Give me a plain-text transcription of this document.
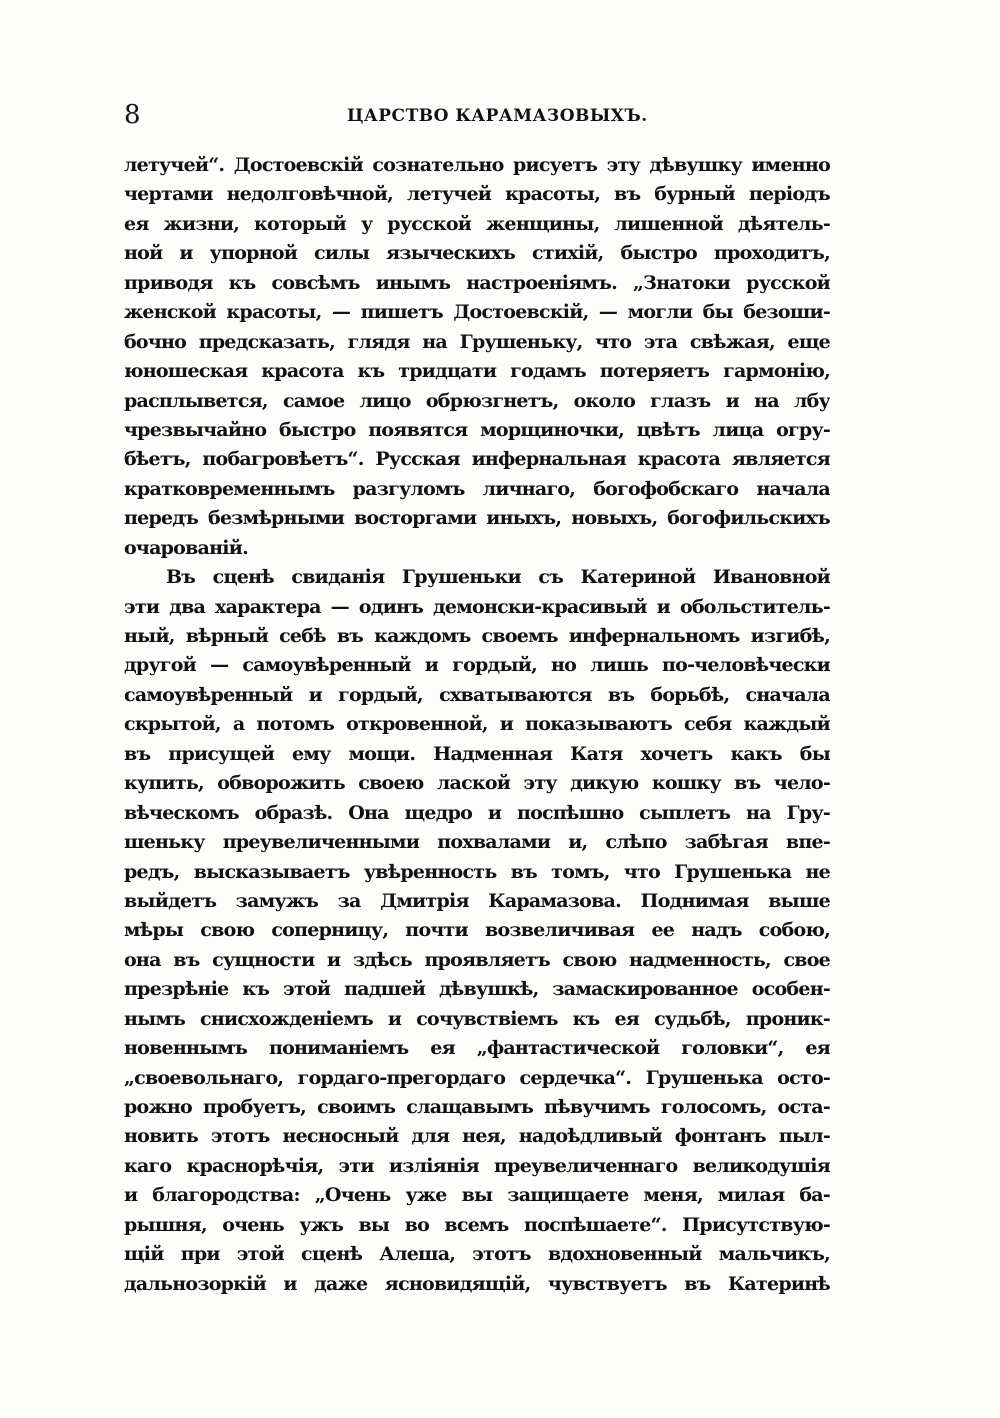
8	ЦАРСТВО КАРАМАЗОВЫХЪ.
летучей“. Достоевскій сознательно рисуетъ эту дѣвушку именно
чертами недолговѣчной, летучей красоты, въ бурный періодъ
ея жизни, который у русской женщины, лишенной дѣятель-
ной и упорной силы языческихъ стихій, быстро проходитъ,
приводя къ совсѣмъ инымъ настроеніямъ. „Знатоки русской
женской красоты, — пишетъ Достоевскій, — могли бы безоши-
бочно предсказать, глядя на Грушеньку, что эта свѣжая, еще
юношеская красота къ тридцати годамъ потеряетъ гармонію,
расплывется, самое лицо обрюзгнетъ, около глазъ и на лбу
чрезвычайно быстро появятся морщиночки, цвѣтъ лица огру-
бѣетъ, побагровѣетъ“. Русская инфернальная красота является
кратковременнымъ разгуломъ личнаго, богофобскаго начала
передъ безмѣрными восторгами иныхъ, новыхъ, богофильскихъ
очарованій.
Въ сценѣ свиданія Грушеньки съ Катериной Ивановной
эти два характера — одинъ демонски-красивый и обольститель-
ный, вѣрный себѣ въ каждомъ своемъ инфернальномъ изгибѣ,
другой — самоувѣренный и гордый, но лишь по-человѣчески
самоувѣренный и гордый, схватываются въ борьбѣ, сначала
скрытой, а потомъ откровенной, и показываютъ себя каждый
въ присущей ему мощи. Надменная Катя хочетъ какъ бы
купить, обворожить своею лаской эту дикую кошку въ чело-
вѣческомъ образѣ. Она щедро и поспѣшно сыплетъ на Гру-
шеньку преувеличенными похвалами и, слѣпо забѣгая впе-
редъ, высказываетъ увѣренность въ томъ, что Грушенька не
выйдетъ замужъ за Дмитрія Карамазова. Поднимая выше
мѣры свою соперницу, почти возвеличивая ее надъ собою,
она въ сущности и здѣсь проявляетъ свою надменность, свое
презрѣніе къ этой падшей дѣвушкѣ, замаскированное особен-
нымъ снисхожденіемъ и сочувствіемъ къ ея судьбѣ, проник-
новеннымъ пониманіемъ ея „фантастической головки“, ея
„своевольнаго, гордаго-прегордаго сердечка“. Грушенька осто-
рожно пробуетъ, своимъ слащавымъ пѣвучимъ голосомъ, оста-
новить этотъ несносный для нея, надоѣдливый фонтанъ пыл-
каго краснорѣчія, эти изліянія преувеличеннаго великодушія
и благородства: „Очень уже вы защищаете меня, милая ба-
рышня, очень ужъ вы во всемъ поспѣшаете“. Присутствую-
щій при этой сценѣ Алеша, этотъ вдохновенный мальчикъ,
дальнозоркій и даже ясновидящій, чувствуетъ въ Катеринѣ
